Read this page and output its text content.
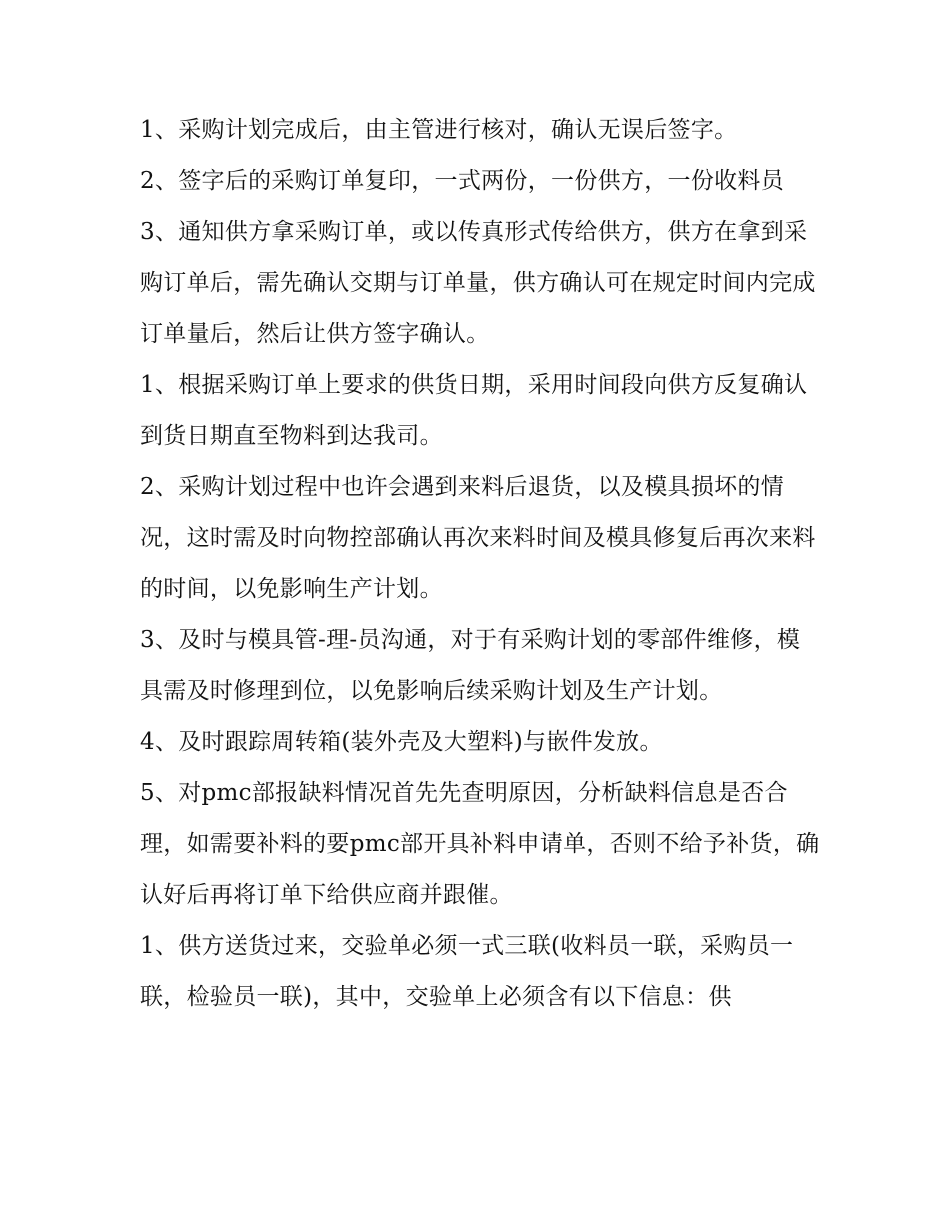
1、采购计划完成后，由主管进行核对，确认无误后签字。

2、签字后的采购订单复印，一式两份，一份供方，一份收料员

3、通知供方拿采购订单，或以传真形式传给供方，供方在拿到采购订单后，需先确认交期与订单量，供方确认可在规定时间内完成订单量后，然后让供方签字确认。

1、根据采购订单上要求的供货日期，采用时间段向供方反复确认到货日期直至物料到达我司。

2、采购计划过程中也许会遇到来料后退货，以及模具损坏的情况，这时需及时向物控部确认再次来料时间及模具修复后再次来料的时间，以免影响生产计划。

3、及时与模具管-理-员沟通，对于有采购计划的零部件维修，模具需及时修理到位，以免影响后续采购计划及生产计划。

4、及时跟踪周转箱(装外壳及大塑料)与嵌件发放。

5、对pmc部报缺料情况首先先查明原因，分析缺料信息是否合理，如需要补料的要pmc部开具补料申请单，否则不给予补货，确认好后再将订单下给供应商并跟催。

1、供方送货过来，交验单必须一式三联(收料员一联，采购员一联，检验员一联)，其中，交验单上必须含有以下信息：供
